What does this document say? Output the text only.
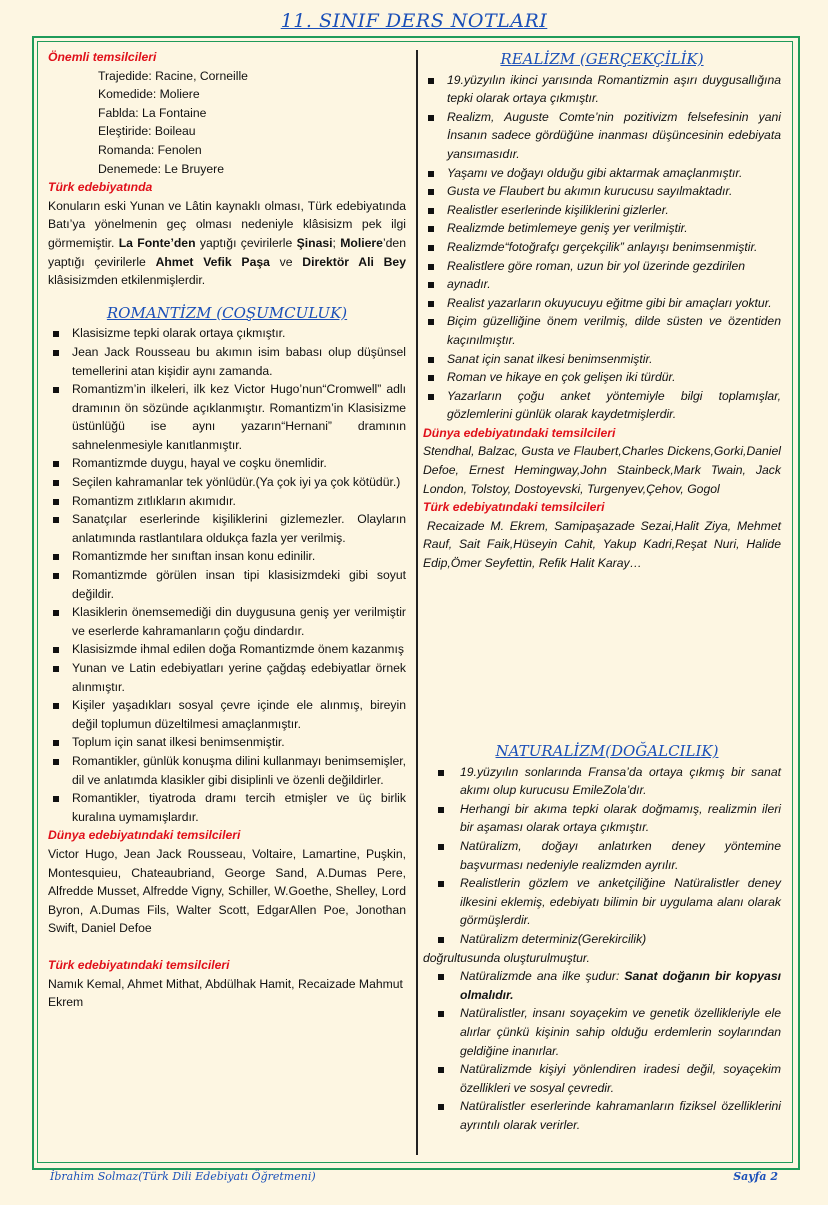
11. SINIF DERS NOTLARI
Önemli temsilcileri
Trajedide: Racine, Corneille
Komedide: Moliere
Fablda: La Fontaine
Eleştiride: Boileau
Romanda: Fenolen
Denemede: Le Bruyere
Türk edebiyatında
Konuların eski Yunan ve Lâtin kaynaklı olması, Türk edebiyatında Batı’ya yönelmenin geç olması nedeniyle klâsisizm pek ilgi görmemiştir. La Fonte’den yaptığı çevirilerle Şinasi; Moliere’den yaptığı çevirilerle Ahmet Vefik Paşa ve Direktör Ali Bey klâsisizmden etkilenmişlerdir.
ROMANTİZM (COŞUMCULUK)
Klasisizme tepki olarak ortaya çıkmıştır.
Jean Jack Rousseau bu akımın isim babası olup düşünsel temellerini atan kişidir aynı zamanda.
Romantizm’in ilkeleri, ilk kez Victor Hugo’nun“Cromwell” adlı dramının ön sözünde açıklanmıştır. Romantizm’in Klasisizme üstünlüğü ise aynı yazarın“Hernani” dramının sahnelenmesiyle kanıtlanmıştır.
Romantizmde duygu, hayal ve coşku önemlidir.
Seçilen kahramanlar tek yönlüdür.(Ya çok iyi ya çok kötüdür.)
Romantizm zıtlıkların akımıdır.
Sanatçılar eserlerinde kişiliklerini gizlemezler. Olayların anlatımında rastlantılara oldukça fazla yer verilmiş.
Romantizmde her sınıftan insan konu edinilir.
Romantizmde görülen insan tipi klasisizmdeki gibi soyut değildir.
Klasiklerin önemsemediği din duygusuna geniş yer verilmiştir ve eserlerde kahramanların çoğu dindardır.
Klasisizmde ihmal edilen doğa Romantizmde önem kazanmış
Yunan ve Latin edebiyatları yerine çağdaş edebiyatlar örnek alınmıştır.
Kişiler yaşadıkları sosyal çevre içinde ele alınmış, bireyin değil toplumun düzeltilmesi amaçlanmıştır.
Toplum için sanat ilkesi benimsenmiştir.
Romantikler, günlük konuşma dilini kullanmayı benimsemişler, dil ve anlatımda klasikler gibi disiplinli ve özenli değildirler.
Romantikler, tiyatroda dramı tercih etmişler ve üç birlik kuralına uymamışlardır.
Dünya edebiyatındaki temsilcileri
Victor Hugo, Jean Jack Rousseau, Voltaire, Lamartine, Puşkin, Montesquieu, Chateaubriand, George Sand, A.Dumas Pere, Alfredde Musset, Alfredde Vigny, Schiller, W.Goethe, Shelley, Lord Byron, A.Dumas Fils, Walter Scott, EdgarAllen Poe, Jonothan Swift, Daniel Defoe
Türk edebiyatındaki temsilcileri
Namık Kemal, Ahmet Mithat, Abdülhak Hamit, Recaizade Mahmut Ekrem
REALİZM (GERÇEKÇİLİK)
19.yüzyılın ikinci yarısında Romantizmin aşırı duygusallığına tepki olarak ortaya çıkmıştır.
Realizm, Auguste Comte’nin pozitivizm felsefesinin yani İnsanın sadece gördüğüne inanması düşüncesinin edebiyata yansımasıdır.
Yaşamı ve doğayı olduğu gibi aktarmak amaçlanmıştır.
Gusta ve Flaubert bu akımın kurucusu sayılmaktadır.
Realistler eserlerinde kişiliklerini gizlerler.
Realizmde betimlemeye geniş yer verilmiştir.
Realizmde“fotoğrafçı gerçekçilik” anlayışı benimsenmiştir.
Realistlere göre roman, uzun bir yol üzerinde gezdirilen
aynadır.
Realist yazarların okuyucuyu eğitme gibi bir amaçları yoktur.
Biçim güzelliğine önem verilmiş, dilde süsten ve özentiden kaçınılmıştır.
Sanat için sanat ilkesi benimsenmiştir.
Roman ve hikaye en çok gelişen iki türdür.
Yazarların çoğu anket yöntemiyle bilgi toplamışlar, gözlemlerini günlük olarak kaydetmişlerdir.
Dünya edebiyatındaki temsilcileri
Stendhal, Balzac, Gusta ve Flaubert,Charles Dickens,Gorki,Daniel Defoe, Ernest Hemingway,John Stainbeck,Mark Twain, Jack London, Tolstoy, Dostoyevski, Turgenyev,Çehov, Gogol
Türk edebiyatındaki temsilcileri
Recaizade M. Ekrem, Samipaşazade Sezai,Halit Ziya, Mehmet Rauf, Sait Faik,Hüseyin Cahit, Yakup Kadri,Reşat Nuri, Halide Edip,Ömer Seyfettin, Refik Halit Karay…
NATURALİZM(DOĞALCILIK)
19.yüzyılın sonlarında Fransa’da ortaya çıkmış bir sanat akımı olup kurucusu EmileZola’dır.
Herhangi bir akıma tepki olarak doğmamış, realizmin ileri bir aşaması olarak ortaya çıkmıştır.
Natüralizm, doğayı anlatırken deney yöntemine başvurması nedeniyle realizmden ayrılır.
Realistlerin gözlem ve anketçiliğine Natüralistler deney ilkesini eklemiş, edebiyatı bilimin bir uygulama alanı olarak görmüşlerdir.
Natüralizm determiniz(Gerekircilik)
doğrultusunda oluşturulmuştur.
Natüralizmde ana ilke şudur: Sanat doğanın bir kopyası olmalıdır.
Natüralistler, insanı soyaçekim ve genetik özellikleriyle ele alırlar çünkü kişinin sahip olduğu erdemlerin soylarından geldiğine inanırlar.
Natüralizmde kişiyi yönlendiren iradesi değil, soyaçekim özellikleri ve sosyal çevredir.
Natüralistler eserlerinde kahramanların fiziksel özelliklerini ayrıntılı olarak verirler.
İbrahim Solmaz(Türk Dili Edebiyatı Öğretmeni)	Sayfa 2
